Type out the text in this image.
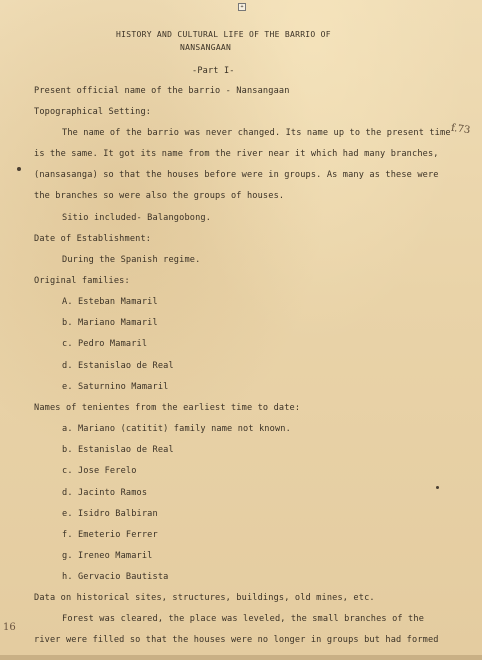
+
HISTORY AND CULTURAL LIFE OF THE BARRIO OF
NANSANGAAN
-Part I-
Present official name of the barrio - Nansangaan
Topographical Setting:
The name of the barrio was never changed. Its name up to the present time
is the same. It got its name from the river near it which had many branches,
(nansasanga) so that the houses before were in groups. As many as these were
the branches so were also the groups of houses.
Sitio included- Balangobong.
Date of Establishment:
During the Spanish regime.
Original families:
A. Esteban Mamaril
b. Mariano Mamaril
c. Pedro Mamaril
d. Estanislao de Real
e. Saturnino Mamaril
Names of tenientes from the earliest time to date:
a. Mariano (catitit) family name not known.
b. Estanislao de Real
c. Jose Ferelo
d. Jacinto Ramos
e. Isidro Balbiran
f. Emeterio Ferrer
g. Ireneo Mamaril
h. Gervacio Bautista
Data on historical sites, structures, buildings, old mines, etc.
Forest was cleared, the place was leveled, the small branches of the
river were filled so that the houses were no longer in groups but had formed
f.73
16
